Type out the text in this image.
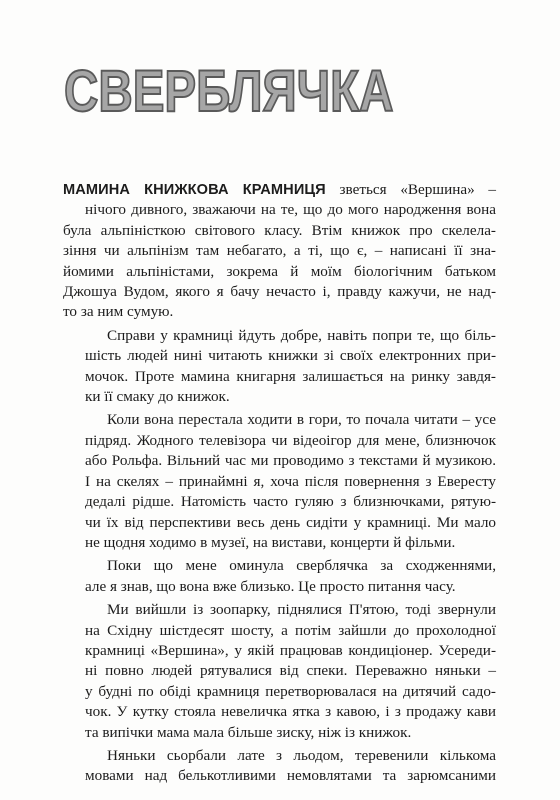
СВЕРБЛЯЧКА

МАМИНА КНИЖКОВА КРАМНИЦЯ зветься «Вершина» –
нічого дивного, зважаючи на те, що до мого народження вона
була альпіністкою світового класу. Втім книжок про скелела-
зіння чи альпінізм там небагато, а ті, що є, – написані її зна-
йомими альпіністами, зокрема й моїм біологічним батьком
Джошуа Вудом, якого я бачу нечасто і, правду кажучи, не над-
то за ним сумую.

Справи у крамниці йдуть добре, навіть попри те, що біль-
шість людей нині читають книжки зі своїх електронних при-
мочок. Проте мамина книгарня залишається на ринку завдя-
ки її смаку до книжок.

Коли вона перестала ходити в гори, то почала читати – усе
підряд. Жодного телевізора чи відеоігор для мене, близнючок
або Рольфа. Вільний час ми проводимо з текстами й музикою.
І на скелях – принаймні я, хоча після повернення з Евересту
дедалі рідше. Натомість часто гуляю з близнючками, рятую-
чи їх від перспективи весь день сидіти у крамниці. Ми мало
не щодня ходимо в музеї, на вистави, концерти й фільми.

Поки що мене оминула сверблячка за сходженнями,
але я знав, що вона вже близько. Це просто питання часу.

Ми вийшли із зоопарку, піднялися П'ятою, тоді звернули
на Східну шістдесят шосту, а потім зайшли до прохолодної
крамниці «Вершина», у якій працював кондиціонер. Усереди-
ні повно людей рятувалися від спеки. Переважно няньки –
у будні по обіді крамниця перетворювалася на дитячий садо-
чок. У кутку стояла невеличка ятка з кавою, і з продажу кави
та випічки мама мала більше зиску, ніж із книжок.

Няньки сьорбали лате з льодом, теревенили кількома
мовами над белькотливими немовлятами та зарюмсаними
